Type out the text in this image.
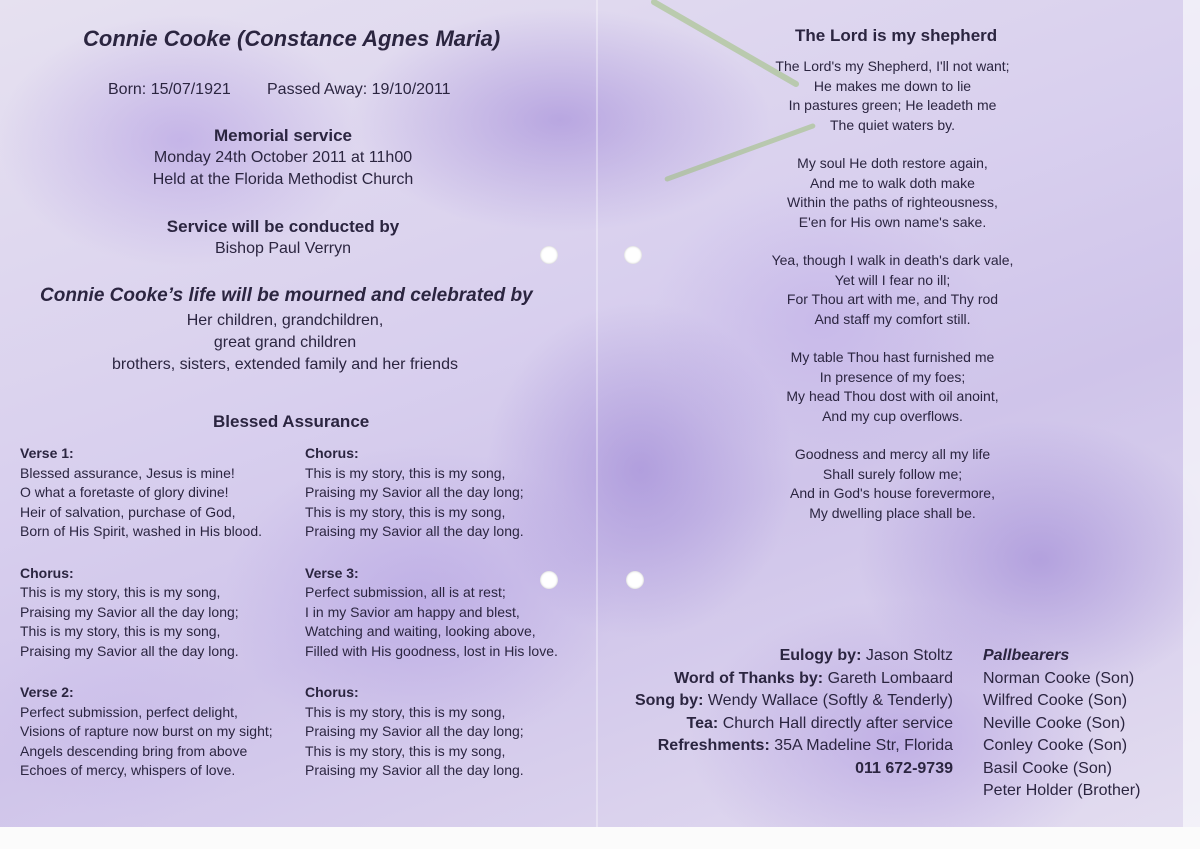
Connie Cooke (Constance Agnes Maria)
Born: 15/07/1921 Passed Away: 19/10/2011
Memorial service
Monday 24th October 2011 at 11h00
Held at the Florida Methodist Church
Service will be conducted by
Bishop Paul Verryn
Connie Cooke’s life will be mourned and celebrated by
Her children, grandchildren,
great grand children
brothers, sisters, extended family and her friends
Blessed Assurance
Verse 1:
Blessed assurance, Jesus is mine!
O what a foretaste of glory divine!
Heir of salvation, purchase of God,
Born of His Spirit, washed in His blood.
Chorus:
This is my story, this is my song,
Praising my Savior all the day long;
This is my story, this is my song,
Praising my Savior all the day long.
Verse 2:
Perfect submission, perfect delight,
Visions of rapture now burst on my sight;
Angels descending bring from above
Echoes of mercy, whispers of love.
Chorus:
This is my story, this is my song,
Praising my Savior all the day long;
This is my story, this is my song,
Praising my Savior all the day long.
Verse 3:
Perfect submission, all is at rest;
I in my Savior am happy and blest,
Watching and waiting, looking above,
Filled with His goodness, lost in His love.
Chorus:
This is my story, this is my song,
Praising my Savior all the day long;
This is my story, this is my song,
Praising my Savior all the day long.
The Lord is my shepherd
The Lord's my Shepherd, I'll not want;
He makes me down to lie
In pastures green; He leadeth me
The quiet waters by.
My soul He doth restore again,
And me to walk doth make
Within the paths of righteousness,
E'en for His own name's sake.
Yea, though I walk in death's dark vale,
Yet will I fear no ill;
For Thou art with me, and Thy rod
And staff my comfort still.
My table Thou hast furnished me
In presence of my foes;
My head Thou dost with oil anoint,
And my cup overflows.
Goodness and mercy all my life
Shall surely follow me;
And in God's house forevermore,
My dwelling place shall be.
Eulogy by: Jason Stoltz
Word of Thanks by: Gareth Lombaard
Song by: Wendy Wallace (Softly & Tenderly)
Tea: Church Hall directly after service
Refreshments: 35A Madeline Str, Florida
011 672-9739
Pallbearers
Norman Cooke (Son)
Wilfred Cooke (Son)
Neville Cooke (Son)
Conley Cooke (Son)
Basil Cooke (Son)
Peter Holder (Brother)
